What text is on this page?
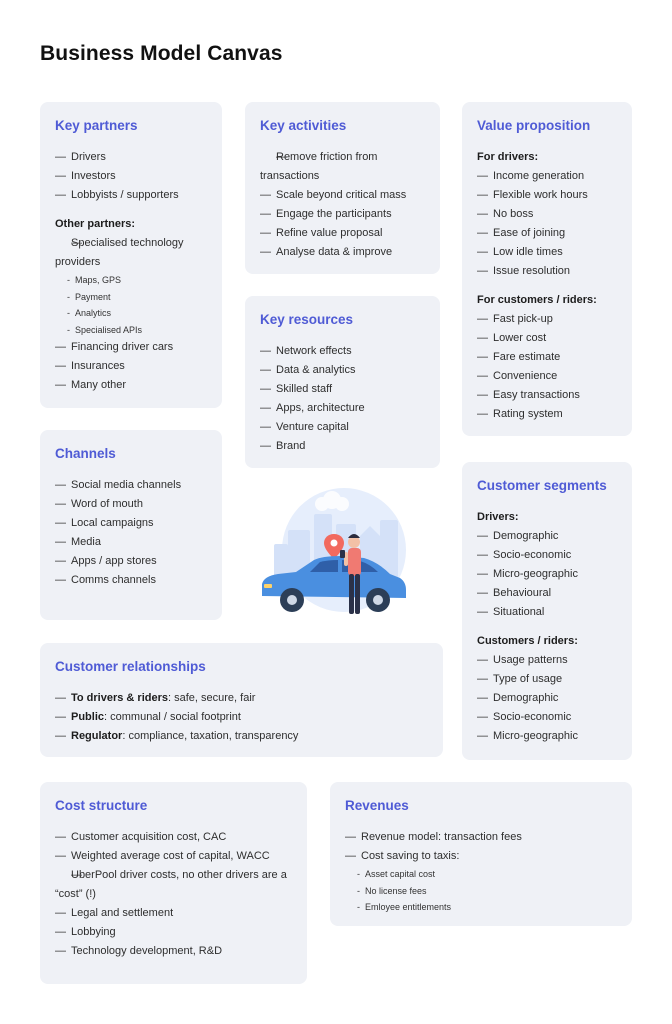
Business Model Canvas
Key partners
— Drivers
— Investors
— Lobbyists / supporters
Other partners:
— Specialised technology providers
- Maps, GPS
- Payment
- Analytics
- Specialised APIs
— Financing driver cars
— Insurances
— Many other
Key activities
— Remove friction from transactions
— Scale beyond critical mass
— Engage the participants
— Refine value proposal
— Analyse data & improve
Key resources
— Network effects
— Data & analytics
— Skilled staff
— Apps, architecture
— Venture capital
— Brand
Value proposition
For drivers:
— Income generation
— Flexible work hours
— No boss
— Ease of joining
— Low idle times
— Issue resolution
For customers / riders:
— Fast pick-up
— Lower cost
— Fare estimate
— Convenience
— Easy transactions
— Rating system
Channels
— Social media channels
— Word of mouth
— Local campaigns
— Media
— Apps / app stores
— Comms channels
Customer segments
Drivers:
— Demographic
— Socio-economic
— Micro-geographic
— Behavioural
— Situational
Customers / riders:
— Usage patterns
— Type of usage
— Demographic
— Socio-economic
— Micro-geographic
Customer relationships
— To drivers & riders: safe, secure, fair
— Public: communal / social footprint
— Regulator: compliance, taxation, transparency
Cost structure
— Customer acquisition cost, CAC
— Weighted average cost of capital, WACC
— UberPool driver costs, no other drivers are a “cost” (!)
— Legal and settlement
— Lobbying
— Technology development, R&D
Revenues
— Revenue model: transaction fees
— Cost saving to taxis:
- Asset capital cost
- No license fees
- Emloyee entitlements
